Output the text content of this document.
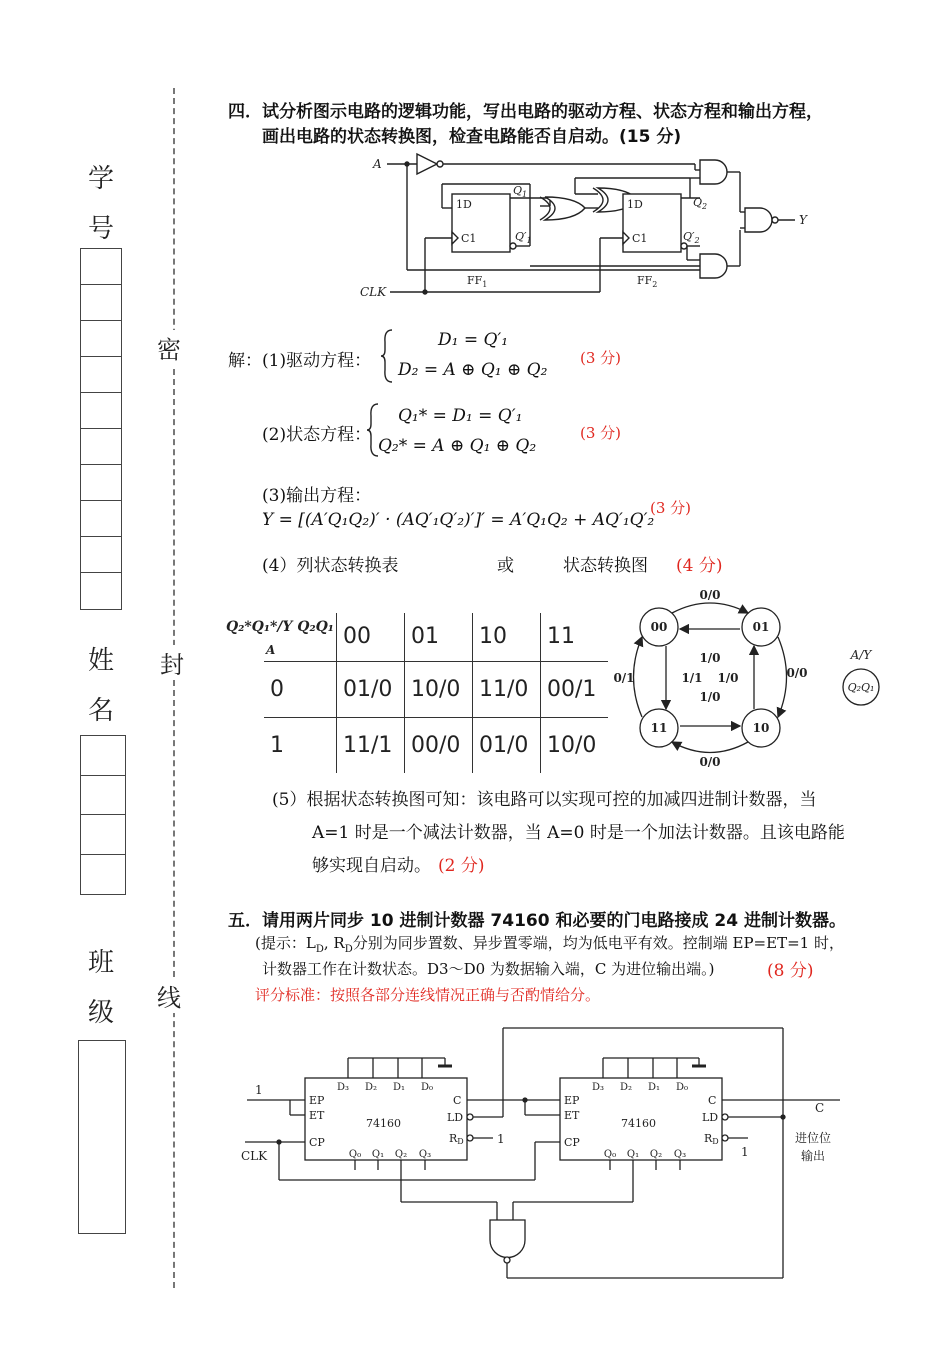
学
号
姓
名
班
级
密
封
线
四．试分析图示电路的逻辑功能，写出电路的驱动方程、状态方程和输出方程，
画出电路的状态转换图，检查电路能否自启动。(15 分)
A
CLK
Y
1D
C1
1D
C1
$FF_1$	$FF_2$
$Q_1$
$Q'_1$
$Q_2$
$Q'_2$
解：(1)驱动方程：
D₁ = Q′₁
D₂ = A ⊕ Q₁ ⊕ Q₂
(3 分)
(2)状态方程：
Q₁* = D₁ = Q′₁
Q₂* = A ⊕ Q₁ ⊕ Q₂
(3 分)
(3)输出方程：
Y = [(A′Q₁Q₂)′ · (AQ′₁Q′₂)′]′ = A′Q₁Q₂ + AQ′₁Q′₂
(3 分)
(4）列状态转换表	或	状态转换图 (4 分)
Q₂*Q₁*/Y Q₂Q₁
A	00	01	10	11
0	01/0	10/0	11/0	00/1
1	11/1	00/0	01/0	10/0
00	01
11	10
0/0
0/1	0/0
0/0
1/0
1/1 1/0
1/0
A/Y
Q₂Q₁
(5）根据状态转换图可知：该电路可以实现可控的加减四进制计数器，当
A=1 时是一个减法计数器，当 A=0 时是一个加法计数器。且该电路能
够实现自启动。 (2 分)
五．请用两片同步 10 进制计数器 74160 和必要的门电路接成 24 进制计数器。
(提示：$L_D$, $R_D$分别为同步置数、异步置零端，均为低电平有效。控制端 EP=ET=1 时，
计数器工作在计数状态。D3～D0 为数据输入端，C 为进位输出端。)	(8 分)
评分标准：按照各部分连线情况正确与否酌情给分。
D₃ D₂ D₁ D₀	D₃ D₂ D₁ D₀
Q₀ Q₁ Q₂ Q₃	Q₀ Q₁ Q₂ Q₃
EP
ET
CP
C
LD
RD
74160
EP
ET
CP
C
LD
RD
74160
1
CLK
1
1
C
进位位
输出
